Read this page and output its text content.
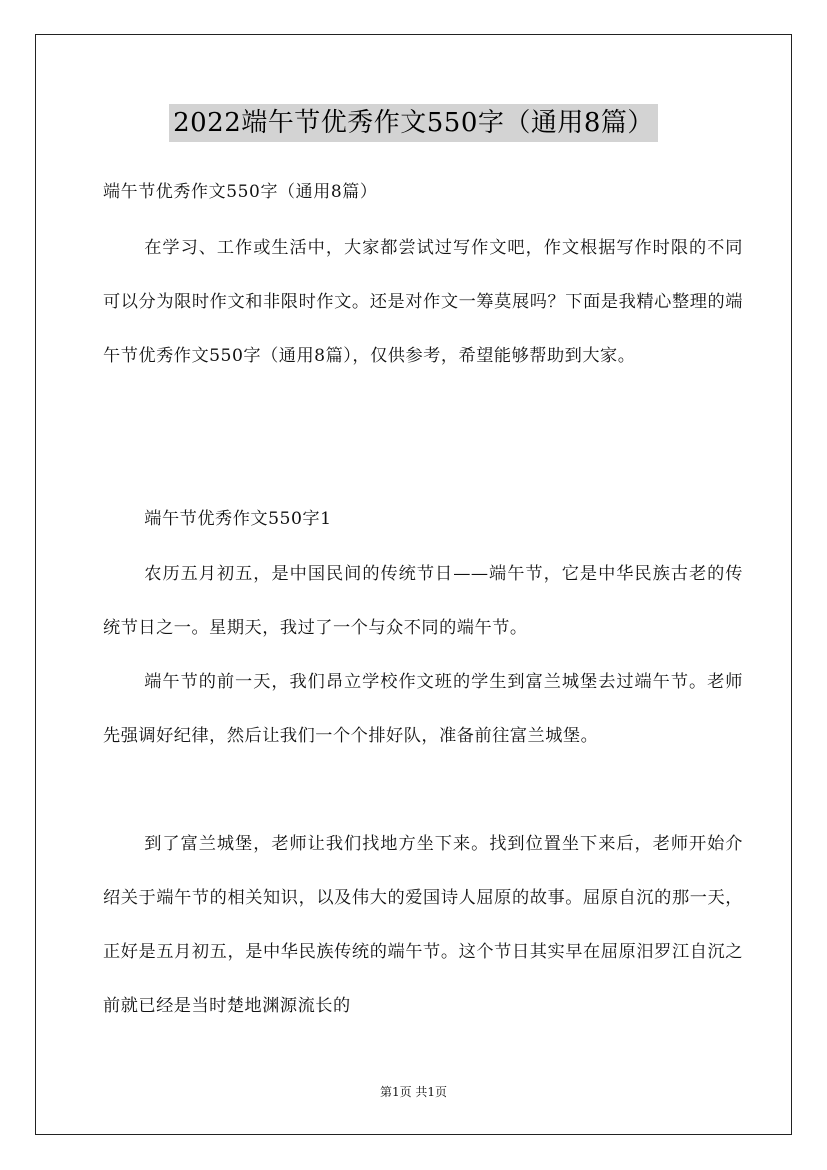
2022端午节优秀作文550字（通用8篇）
端午节优秀作文550字（通用8篇）

在学习、工作或生活中，大家都尝试过写作文吧，作文根据写作时限的不同可以分为限时作文和非限时作文。还是对作文一筹莫展吗？下面是我精心整理的端午节优秀作文550字（通用8篇），仅供参考，希望能够帮助到大家。

端午节优秀作文550字1

农历五月初五，是中国民间的传统节日——端午节，它是中华民族古老的传统节日之一。星期天，我过了一个与众不同的端午节。

端午节的前一天，我们昂立学校作文班的学生到富兰城堡去过端午节。老师先强调好纪律，然后让我们一个个排好队，准备前往富兰城堡。

到了富兰城堡，老师让我们找地方坐下来。找到位置坐下来后，老师开始介绍关于端午节的相关知识，以及伟大的爱国诗人屈原的故事。屈原自沉的那一天，正好是五月初五，是中华民族传统的端午节。这个节日其实早在屈原汨罗江自沉之前就已经是当时楚地渊源流长的

第1页 共1页
